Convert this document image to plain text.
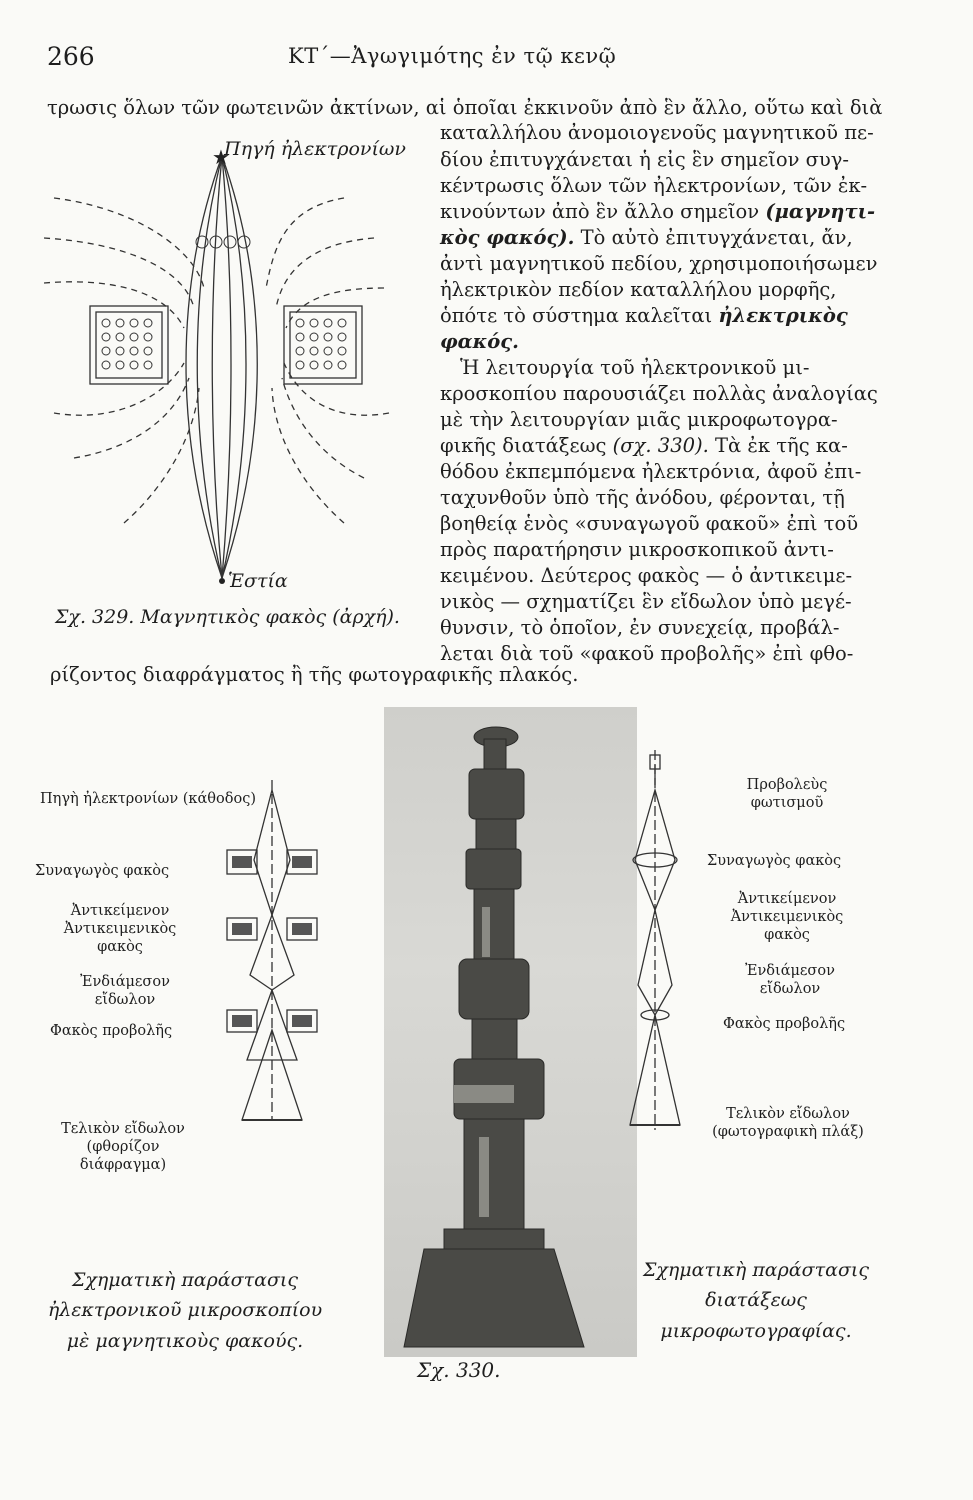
266	ΚΤ΄—Ἀγωγιμότης ἐν τῷ κενῷ
τρωσις ὅλων τῶν φωτεινῶν ἀκτίνων, αἱ ὁποῖαι ἐκκινοῦν ἀπὸ ἓν ἄλλο, οὕτω καὶ διὰ
καταλλήλου ἀνομοιογενοῦς μαγνητικοῦ πε-
δίου ἐπιτυγχάνεται ἡ εἰς ἓν σημεῖον συγ-
κέντρωσις ὅλων τῶν ἠλεκτρονίων, τῶν ἐκ-
κινούντων ἀπὸ ἓν ἄλλο σημεῖον (μαγνητι-
κὸς φακός). Τὸ αὐτὸ ἐπιτυγχάνεται, ἄν,
ἀντὶ μαγνητικοῦ πεδίου, χρησιμοποιήσωμεν
ἠλεκτρικὸν πεδίον καταλλήλου μορφῆς,
ὁπότε τὸ σύστημα καλεῖται ἠλεκτρικὸς
φακός.
Ἡ λειτουργία τοῦ ἠλεκτρονικοῦ μι-
κροσκοπίου παρουσιάζει πολλὰς ἀναλογίας
μὲ τὴν λειτουργίαν μιᾶς μικροφωτογρα-
φικῆς διατάξεως (σχ. 330). Τὰ ἐκ τῆς κα-
θόδου ἐκπεμπόμενα ἠλεκτρόνια, ἀφοῦ ἐπι-
ταχυνθοῦν ὑπὸ τῆς ἀνόδου, φέρονται, τῇ
βοηθείᾳ ἑνὸς «συναγωγοῦ φακοῦ» ἐπὶ τοῦ
πρὸς παρατήρησιν μικροσκοπικοῦ ἀντι-
κειμένου. Δεύτερος φακὸς — ὁ ἀντικειμε-
νικὸς — σχηματίζει ἓν εἴδωλον ὑπὸ μεγέ-
θυνσιν, τὸ ὁποῖον, ἐν συνεχείᾳ, προβάλ-
λεται διὰ τοῦ «φακοῦ προβολῆς» ἐπὶ φθο-
★
Πηγή ἠλεκτρονίων
Ἑστία
Σχ. 329. Μαγνητικὸς φακὸς (ἀρχή).
ρίζοντος διαφράγματος ἢ τῆς φωτογραφικῆς πλακός.
Πηγὴ ἠλεκτρονίων (κάθοδος)
Συναγωγὸς φακὸς
Ἀντικείμενον Ἀντικειμενικὸς φακὸς
Ἐνδιάμεσον εἴδωλον
Φακὸς προβολῆς
Τελικὸν εἴδωλον (φθορίζον διάφραγμα)
Προβολεὺς φωτισμοῦ
Συναγωγὸς φακὸς
Ἀντικείμενον Ἀντικειμενικὸς φακὸς
Ἐνδιάμεσον εἴδωλον
Φακὸς προβολῆς
Τελικὸν εἴδωλον (φωτογραφικὴ πλάξ)
Σχηματικὴ παράστασις ἠλεκτρονικοῦ μικροσκοπίου μὲ μαγνητικοὺς φακούς.
Σχηματικὴ παράστασις διατάξεως μικροφωτογραφίας.
Σχ. 330.
